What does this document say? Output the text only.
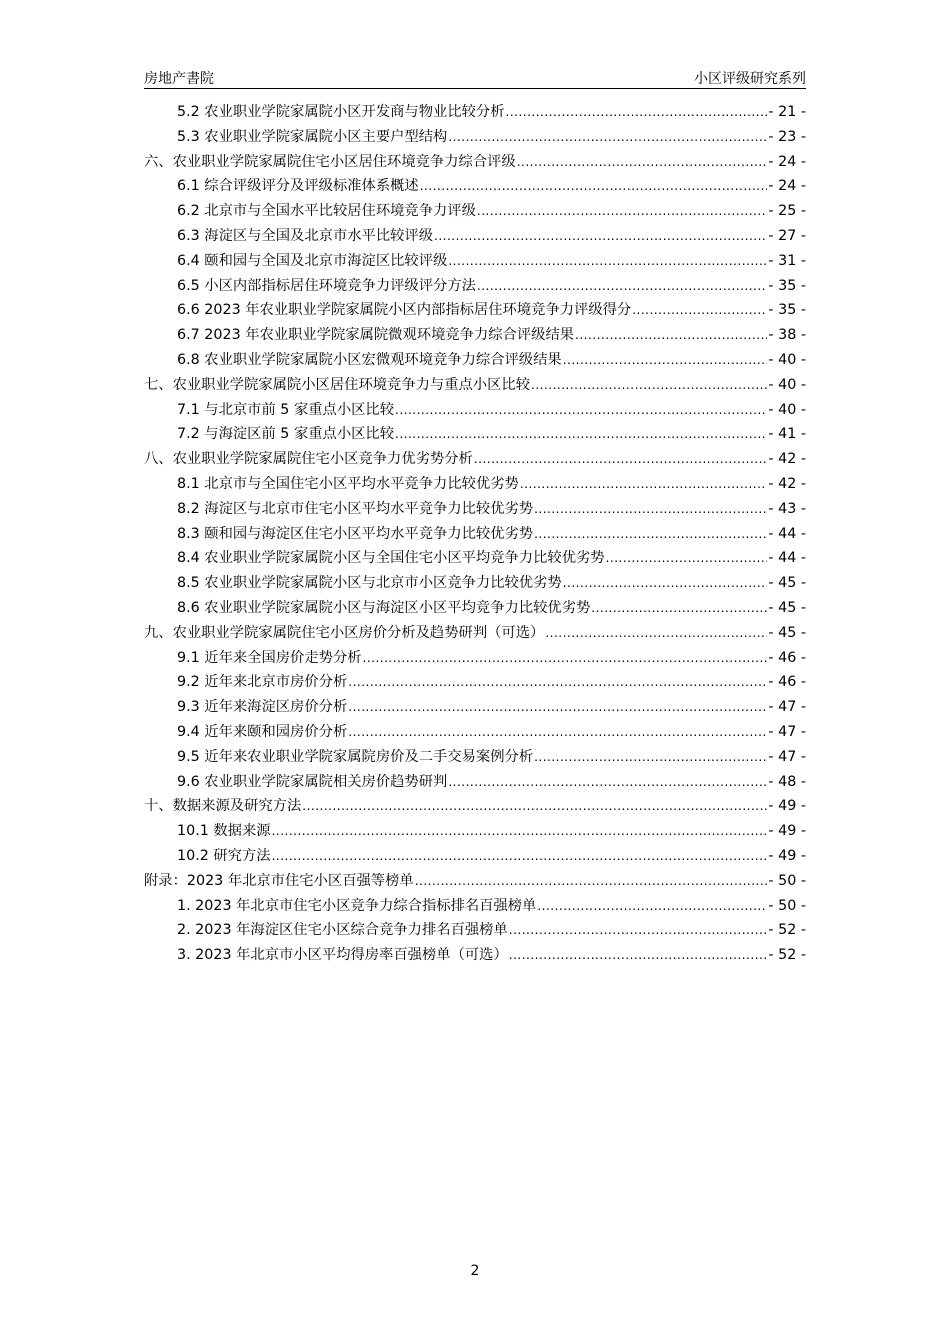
房地产書院	小区评级研究系列
5.2 农业职业学院家属院小区开发商与物业比较分析 .....	- 21 -
5.3 农业职业学院家属院小区主要户型结构 .....	- 23 -
六、农业职业学院家属院住宅小区居住环境竞争力综合评级 .....	- 24 -
6.1 综合评级评分及评级标准体系概述 .....	- 24 -
6.2 北京市与全国水平比较居住环境竞争力评级 .....	- 25 -
6.3 海淀区与全国及北京市水平比较评级 .....	- 27 -
6.4 颐和园与全国及北京市海淀区比较评级 .....	- 31 -
6.5 小区内部指标居住环境竞争力评级评分方法 .....	- 35 -
6.6 2023 年农业职业学院家属院小区内部指标居住环境竞争力评级得分 .....	- 35 -
6.7 2023 年农业职业学院家属院微观环境竞争力综合评级结果 .....	- 38 -
6.8 农业职业学院家属院小区宏微观环境竞争力综合评级结果 .....	- 40 -
七、农业职业学院家属院小区居住环境竞争力与重点小区比较 .....	- 40 -
7.1 与北京市前 5 家重点小区比较 .....	- 40 -
7.2 与海淀区前 5 家重点小区比较 .....	- 41 -
八、农业职业学院家属院住宅小区竞争力优劣势分析 .....	- 42 -
8.1 北京市与全国住宅小区平均水平竞争力比较优劣势 .....	- 42 -
8.2 海淀区与北京市住宅小区平均水平竞争力比较优劣势 .....	- 43 -
8.3 颐和园与海淀区住宅小区平均水平竞争力比较优劣势 .....	- 44 -
8.4 农业职业学院家属院小区与全国住宅小区平均竞争力比较优劣势 .....	- 44 -
8.5 农业职业学院家属院小区与北京市小区竞争力比较优劣势 .....	- 45 -
8.6 农业职业学院家属院小区与海淀区小区平均竞争力比较优劣势 .....	- 45 -
九、农业职业学院家属院住宅小区房价分析及趋势研判（可选） .....	- 45 -
9.1 近年来全国房价走势分析 .....	- 46 -
9.2 近年来北京市房价分析 .....	- 46 -
9.3 近年来海淀区房价分析 .....	- 47 -
9.4 近年来颐和园房价分析 .....	- 47 -
9.5 近年来农业职业学院家属院房价及二手交易案例分析 .....	- 47 -
9.6 农业职业学院家属院相关房价趋势研判 .....	- 48 -
十、数据来源及研究方法 .....	- 49 -
10.1 数据来源 .....	- 49 -
10.2 研究方法 .....	- 49 -
附录：2023 年北京市住宅小区百强等榜单 .....	- 50 -
1. 2023 年北京市住宅小区竞争力综合指标排名百强榜单 .....	- 50 -
2. 2023 年海淀区住宅小区综合竞争力排名百强榜单 .....	- 52 -
3. 2023 年北京市小区平均得房率百强榜单（可选） .....	- 52 -
2
